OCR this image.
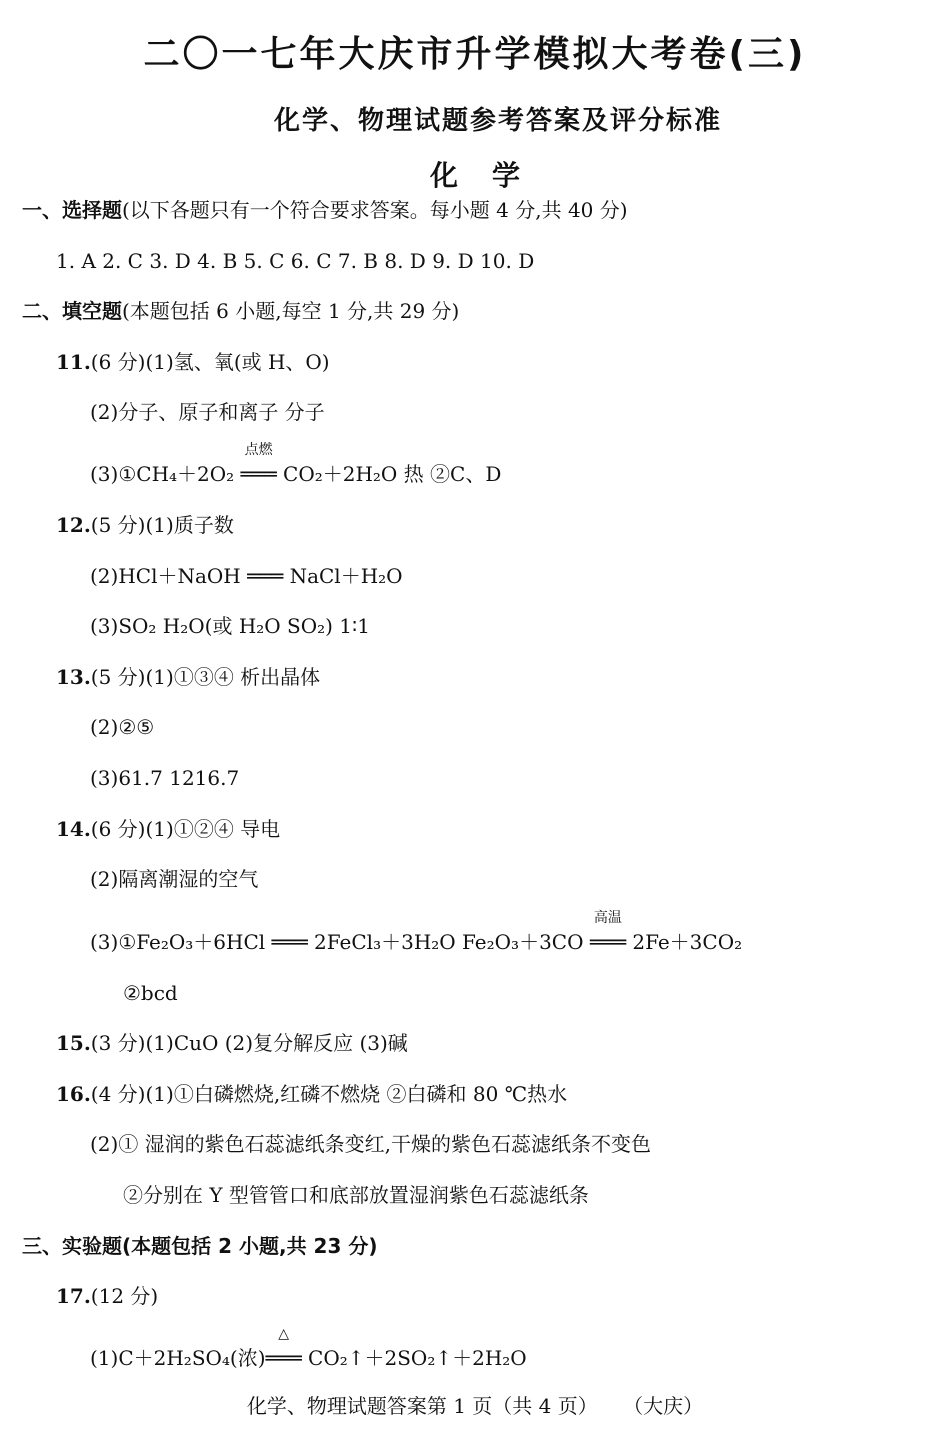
二〇一七年大庆市升学模拟大考卷(三)
化学、物理试题参考答案及评分标准
化学
一、选择题(以下各题只有一个符合要求答案。每小题 4 分,共 40 分)
1. A 2. C 3. D 4. B 5. C 6. C 7. B 8. D 9. D 10. D
二、填空题(本题包括 6 小题,每空 1 分,共 29 分)
11.(6 分)(1)氢、氧(或 H、O)
(2)分子、原子和离子 分子
(3)①CH₄＋2O₂
点燃
═══ CO₂＋2H₂O 热 ②C、D
12.(5 分)(1)质子数
(2)HCl＋NaOH ═══ NaCl＋H₂O
(3)SO₂ H₂O(或 H₂O SO₂) 1∶1
13.(5 分)(1)①③④ 析出晶体
(2)②⑤
(3)61.7 1216.7
14.(6 分)(1)①②④ 导电
(2)隔离潮湿的空气
(3)①Fe₂O₃＋6HCl ═══ 2FeCl₃＋3H₂O Fe₂O₃＋3CO
高温
═══ 2Fe＋3CO₂
②bcd
15.(3 分)(1)CuO (2)复分解反应 (3)碱
16.(4 分)(1)①白磷燃烧,红磷不燃烧 ②白磷和 80 ℃热水
(2)① 湿润的紫色石蕊滤纸条变红,干燥的紫色石蕊滤纸条不变色
②分别在 Y 型管管口和底部放置湿润紫色石蕊滤纸条
三、实验题(本题包括 2 小题,共 23 分)
17.(12 分)
(1)C＋2H₂SO₄(浓)
△
═══ CO₂↑＋2SO₂↑＋2H₂O
化学、物理试题答案第 1 页（共 4 页）    （大庆）
